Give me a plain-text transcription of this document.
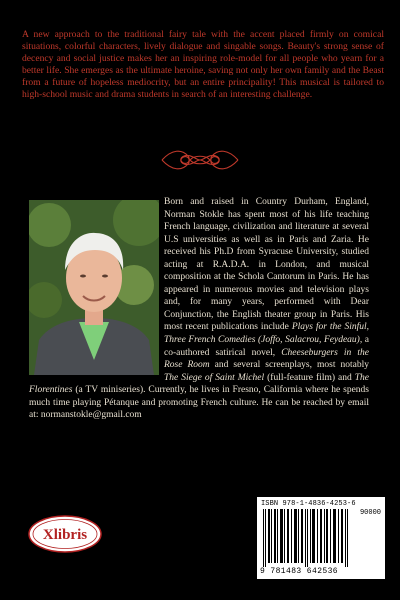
A new approach to the traditional fairy tale with the accent placed firmly on comical situations, colorful characters, lively dialogue and singable songs. Beauty's strong sense of decency and social justice makes her an inspiring role-model for all people who yearn for a better life. She emerges as the ultimate heroine, saving not only her own family and the Beast from a future of hopeless mediocrity, but an entire principality! This musical is tailored to high-school music and drama students in search of an interesting challenge.

Born and raised in Country Durham, England, Norman Stokle has spent most of his life teaching French language, civilization and literature at several U.S universities as well as in Paris and Zaria. He received his Ph.D from Syracuse University, studied acting at R.A.D.A. in London, and musical composition at the Schola Cantorum in Paris. He has appeared in numerous movies and television plays and, for many years, performed with Dear Conjunction, the English theater group in Paris. His most recent publications include Plays for the Sinful, Three French Comedies (Joffo, Salacrou, Feydeau), a co-authored satirical novel, Cheeseburgers in the Rose Room and several screenplays, most notably The Siege of Saint Michel (full-feature film) and The Florentines (a TV miniseries). Currently, he lives in Fresno, California where he spends much time playing Pétanque and promoting French culture. He can be reached by email at: normanstokle@gmail.com

Xlibris
ISBN 978-1-4836-4253-6
90000
9 781483 642536
